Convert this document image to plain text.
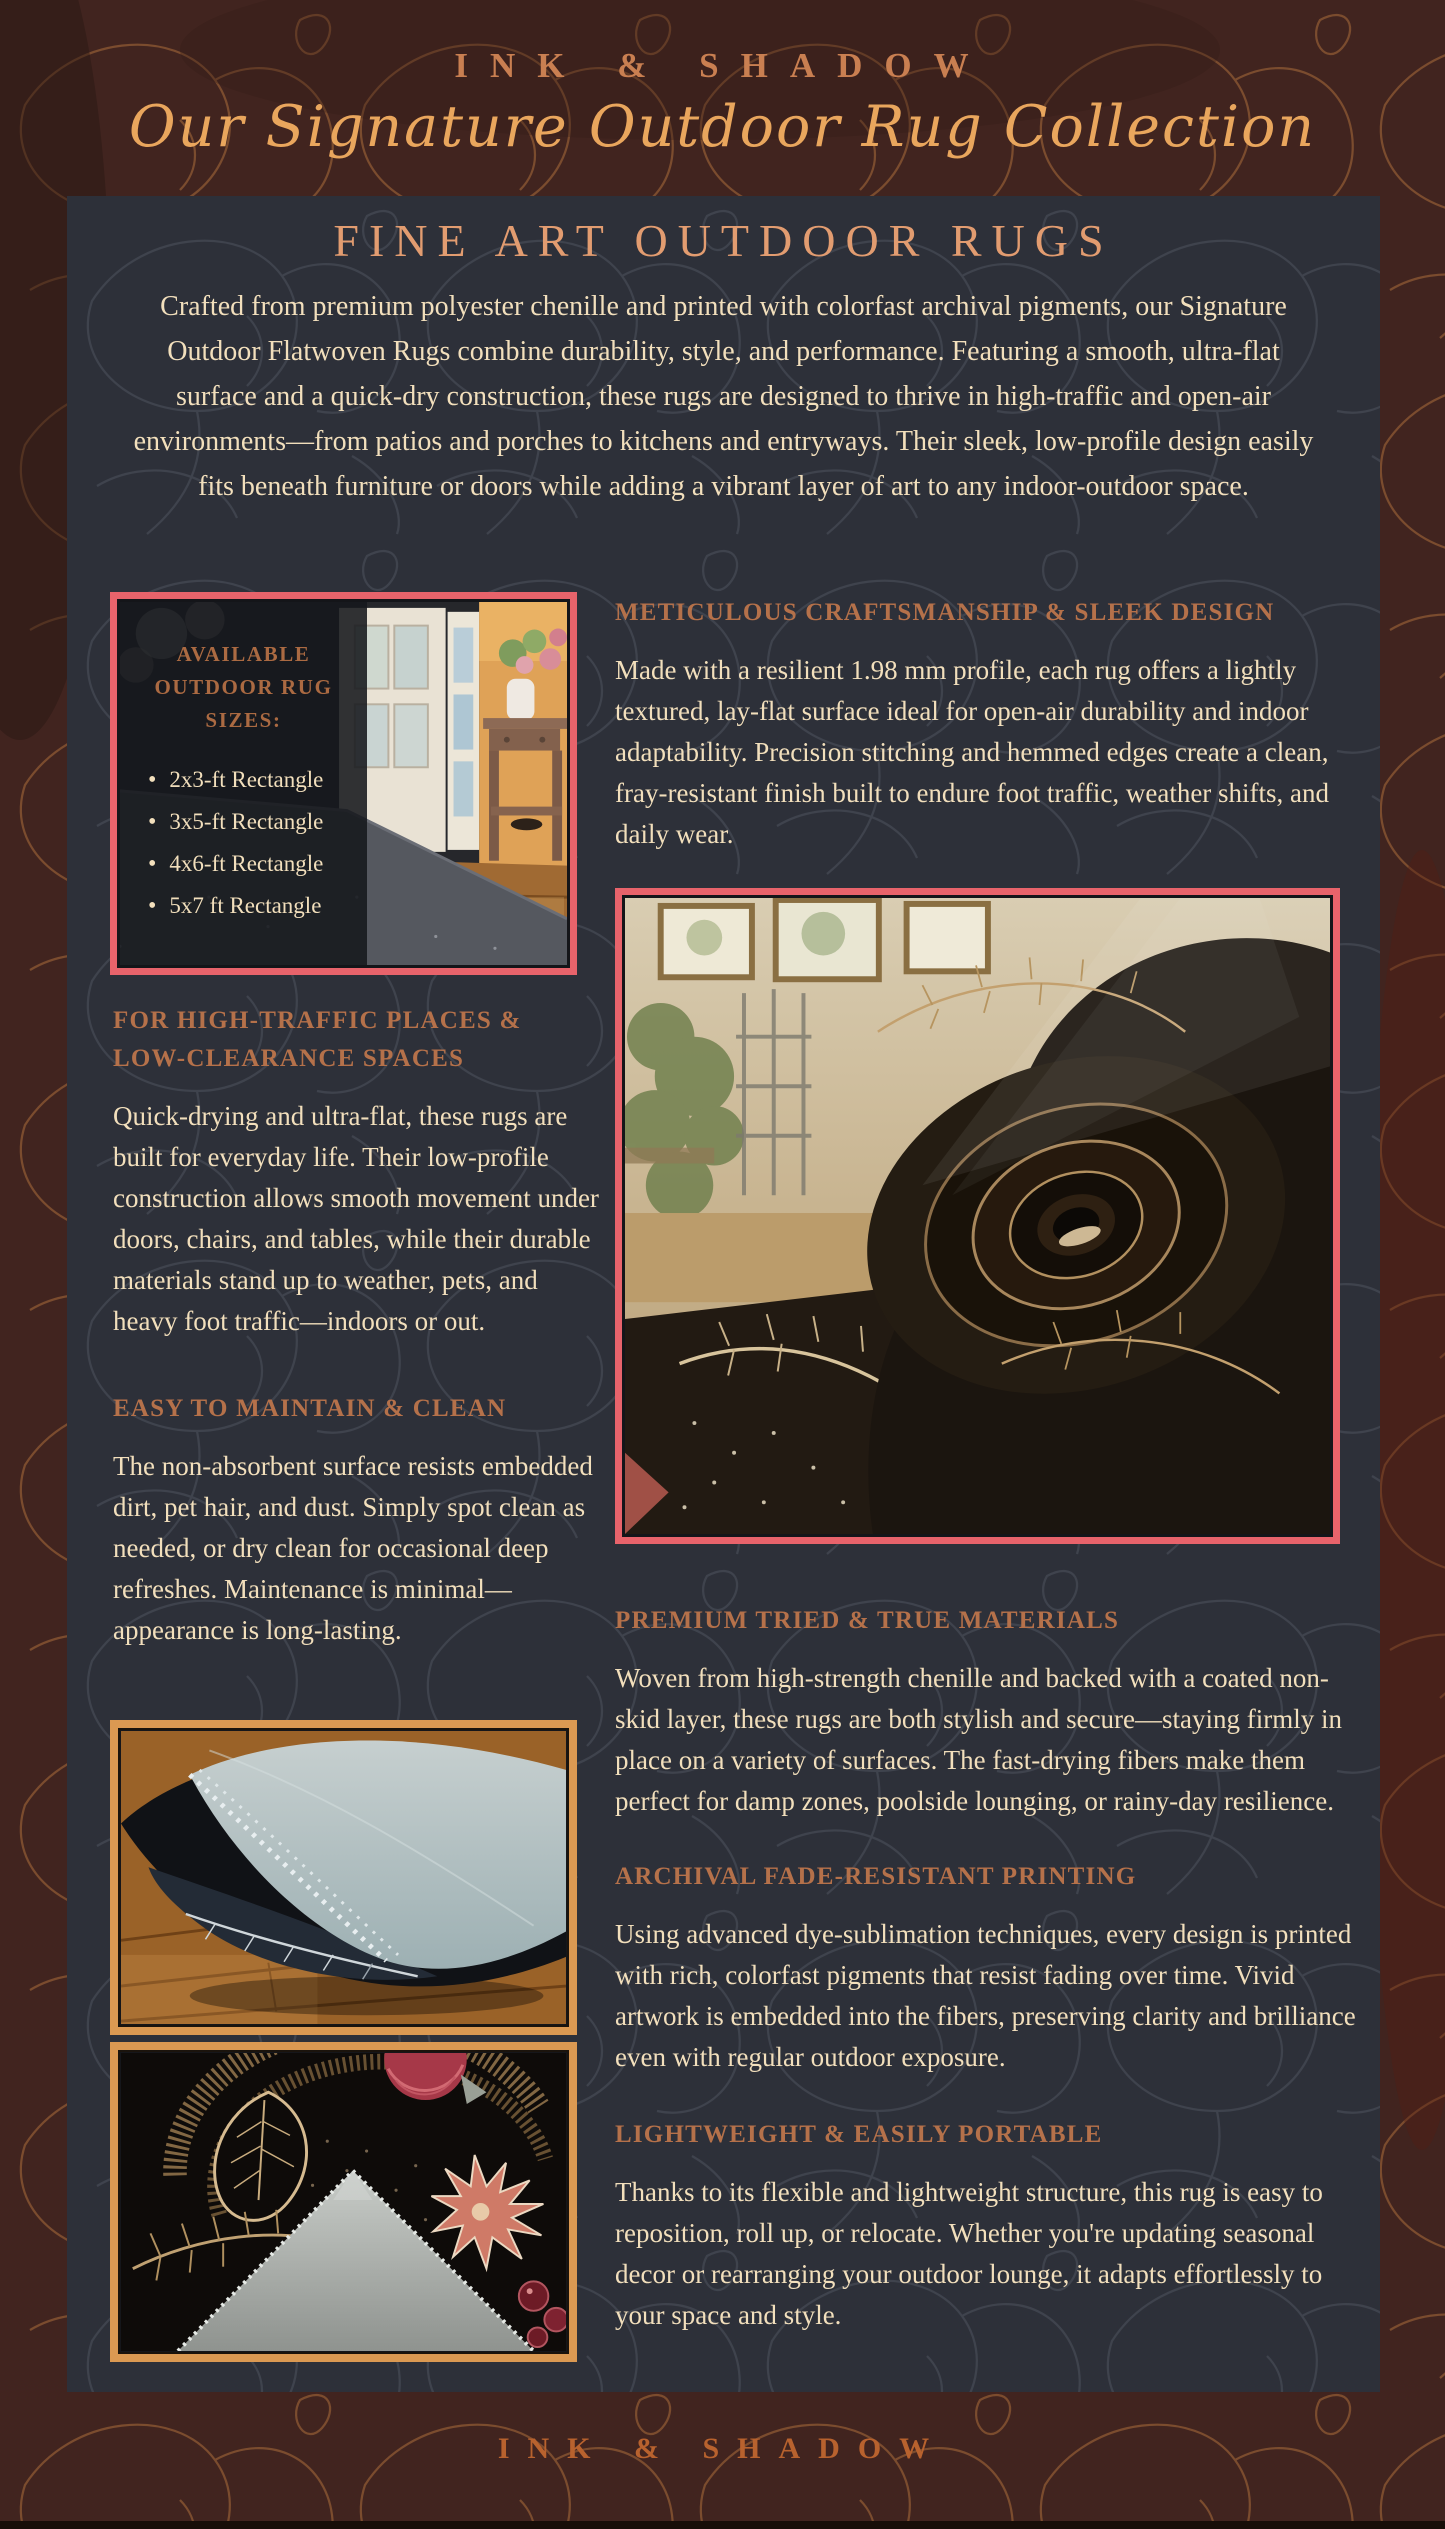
INK & SHADOW
Our Signature Outdoor Rug Collection
FINE ART OUTDOOR RUGS

Crafted from premium polyester chenille and printed with colorfast archival pigments, our Signature Outdoor Flatwoven Rugs combine durability, style, and performance. Featuring a smooth, ultra-flat surface and a quick-dry construction, these rugs are designed to thrive in high-traffic and open-air environments—from patios and porches to kitchens and entryways. Their sleek, low-profile design easily fits beneath furniture or doors while adding a vibrant layer of art to any indoor-outdoor space.

AVAILABLE OUTDOOR RUG SIZES:
• 2x3-ft Rectangle
• 3x5-ft Rectangle
• 4x6-ft Rectangle
• 5x7 ft Rectangle
FOR HIGH-TRAFFIC PLACES & LOW-CLEARANCE SPACES

Quick-drying and ultra-flat, these rugs are built for everyday life. Their low-profile construction allows smooth movement under doors, chairs, and tables, while their durable materials stand up to weather, pets, and heavy foot traffic—indoors or out.

EASY TO MAINTAIN & CLEAN

The non-absorbent surface resists embedded dirt, pet hair, and dust. Simply spot clean as needed, or dry clean for occasional deep refreshes. Maintenance is minimal—appearance is long-lasting.

METICULOUS CRAFTSMANSHIP & SLEEK DESIGN

Made with a resilient 1.98 mm profile, each rug offers a lightly textured, lay-flat surface ideal for open-air durability and indoor adaptability. Precision stitching and hemmed edges create a clean, fray-resistant finish built to endure foot traffic, weather shifts, and daily wear.

PREMIUM TRIED & TRUE MATERIALS

Woven from high-strength chenille and backed with a coated non-skid layer, these rugs are both stylish and secure—staying firmly in place on a variety of surfaces. The fast-drying fibers make them perfect for damp zones, poolside lounging, or rainy-day resilience.

ARCHIVAL FADE-RESISTANT PRINTING

Using advanced dye-sublimation techniques, every design is printed with rich, colorfast pigments that resist fading over time. Vivid artwork is embedded into the fibers, preserving clarity and brilliance even with regular outdoor exposure.

LIGHTWEIGHT & EASILY PORTABLE

Thanks to its flexible and lightweight structure, this rug is easy to reposition, roll up, or relocate. Whether you're updating seasonal decor or rearranging your outdoor lounge, it adapts effortlessly to your space and style.

INK & SHADOW
